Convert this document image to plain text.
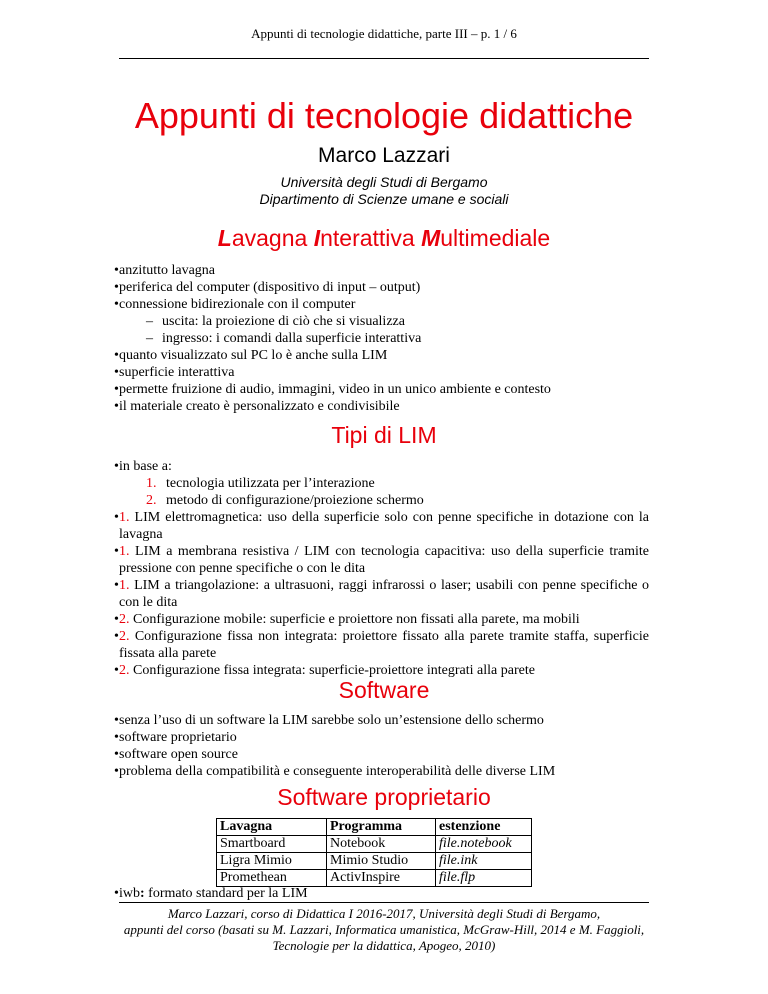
Appunti di tecnologie didattiche, parte III – p. 1 / 6
Appunti di tecnologie didattiche
Marco Lazzari
Università degli Studi di Bergamo
Dipartimento di Scienze umane e sociali
Lavagna Interattiva Multimediale
• anzitutto lavagna
• periferica del computer (dispositivo di input – output)
• connessione bidirezionale con il computer
– uscita: la proiezione di ciò che si visualizza
– ingresso: i comandi dalla superficie interattiva
• quanto visualizzato sul PC lo è anche sulla LIM
• superficie interattiva
• permette fruizione di audio, immagini, video in un unico ambiente e contesto
• il materiale creato è personalizzato e condivisibile
Tipi di LIM
• in base a:
1. tecnologia utilizzata per l’interazione
2. metodo di configurazione/proiezione schermo
• 1. LIM elettromagnetica: uso della superficie solo con penne specifiche in dotazione con la lavagna
• 1. LIM a membrana resistiva / LIM con tecnologia capacitiva: uso della superficie tramite pressione con penne specifiche o con le dita
• 1. LIM a triangolazione: a ultrasuoni, raggi infrarossi o laser; usabili con penne specifiche o con le dita
• 2. Configurazione mobile: superficie e proiettore non fissati alla parete, ma mobili
• 2. Configurazione fissa non integrata: proiettore fissato alla parete tramite staffa, superficie fissata alla parete
• 2. Configurazione fissa integrata: superficie-proiettore integrati alla parete
Software
• senza l’uso di un software la LIM sarebbe solo un’estensione dello schermo
• software proprietario
• software open source
• problema della compatibilità e conseguente interoperabilità delle diverse LIM
Software proprietario
Lavagna	Programma	estenzione
Smartboard	Notebook	file.notebook
Ligra Mimio	Mimio Studio	file.ink
Promethean	ActivInspire	file.flp
• iwb: formato standard per la LIM
Marco Lazzari, corso di Didattica I 2016-2017, Università degli Studi di Bergamo,
appunti del corso (basati su M. Lazzari, Informatica umanistica, McGraw-Hill, 2014 e M. Faggioli,
Tecnologie per la didattica, Apogeo, 2010)
